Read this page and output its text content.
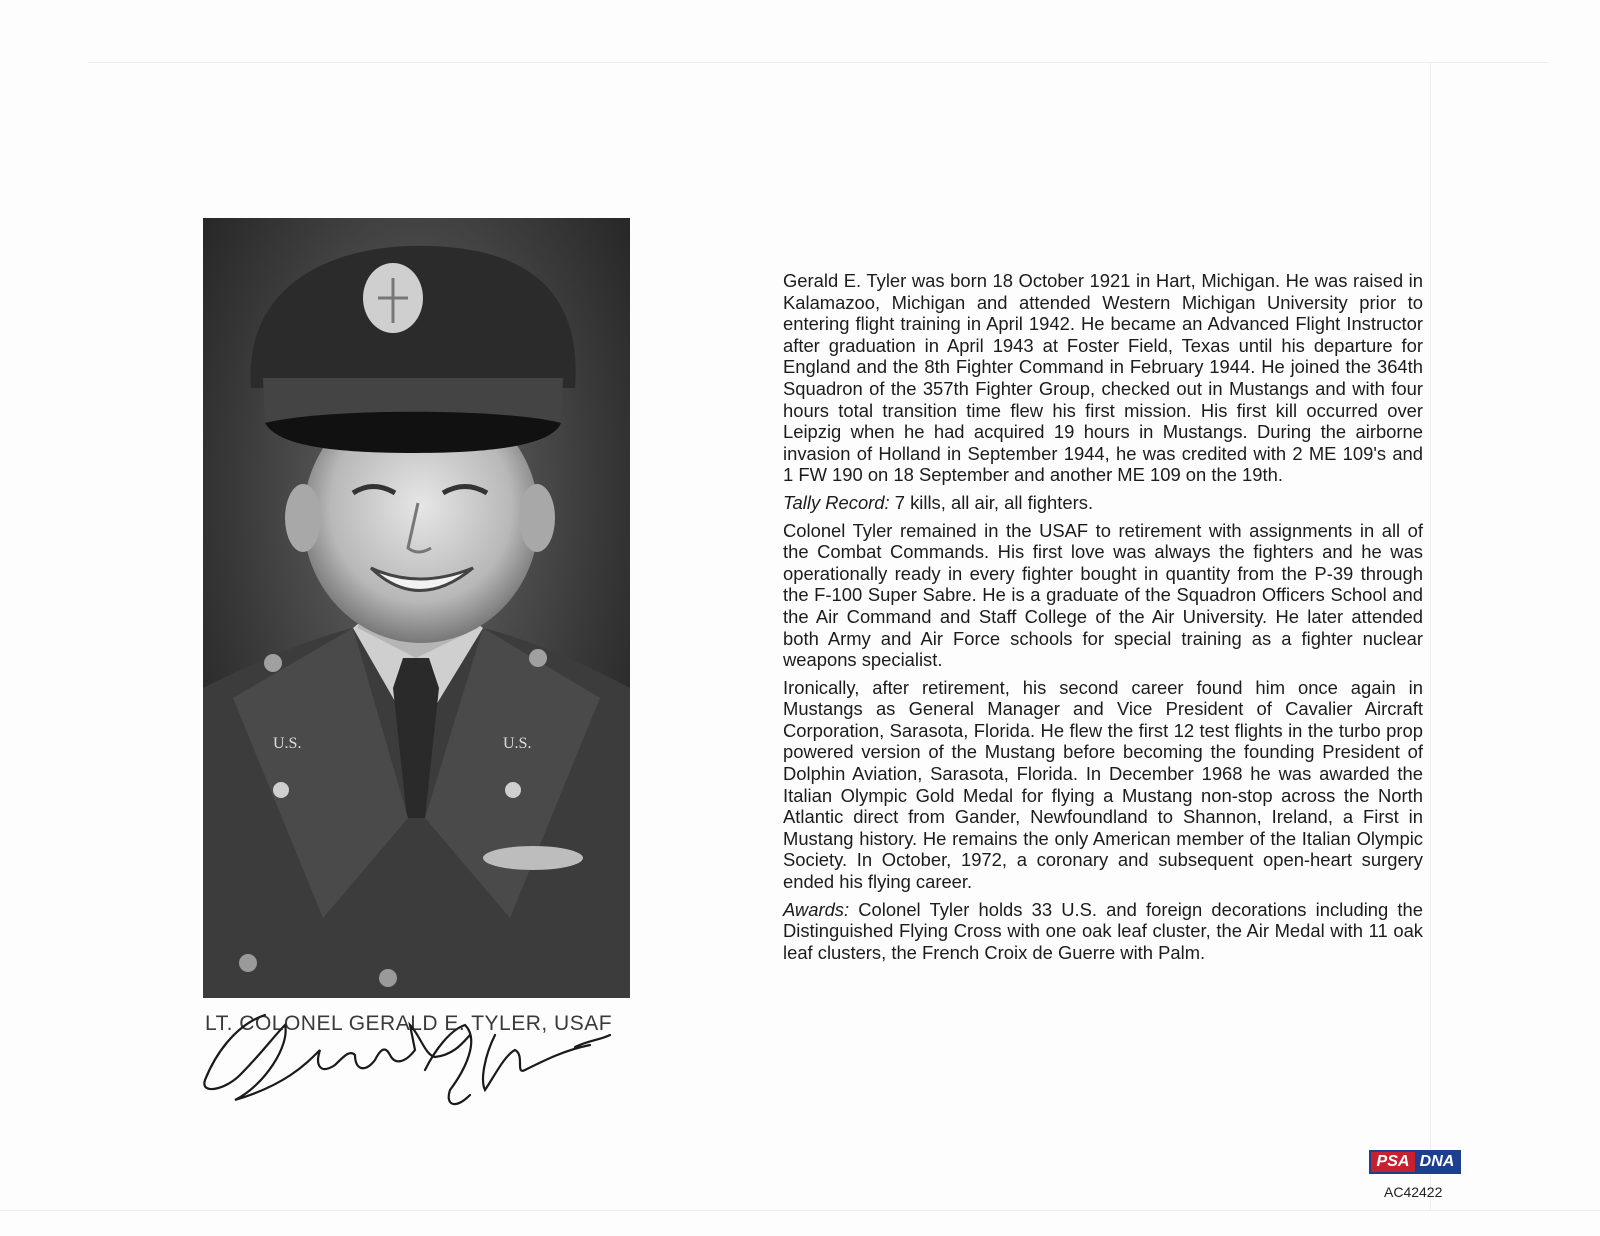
U.S.	U.S.
LT. COLONEL GERALD E. TYLER, USAF

Gerald E. Tyler was born 18 October 1921 in Hart, Michigan. He was raised in Kalamazoo, Michigan and attended Western Michigan University prior to entering flight training in April 1942. He became an Advanced Flight Instructor after graduation in April 1943 at Foster Field, Texas until his departure for England and the 8th Fighter Command in February 1944. He joined the 364th Squadron of the 357th Fighter Group, checked out in Mustangs and with four hours total transition time flew his first mission. His first kill occurred over Leipzig when he had acquired 19 hours in Mustangs. During the airborne invasion of Holland in September 1944, he was credited with 2 ME 109's and 1 FW 190 on 18 September and another ME 109 on the 19th.

Tally Record: 7 kills, all air, all fighters.

Colonel Tyler remained in the USAF to retirement with assignments in all of the Combat Commands. His first love was always the fighters and he was operationally ready in every fighter bought in quantity from the P-39 through the F-100 Super Sabre. He is a graduate of the Squadron Officers School and the Air Command and Staff College of the Air University. He later attended both Army and Air Force schools for special training as a fighter nuclear weapons specialist.

Ironically, after retirement, his second career found him once again in Mustangs as General Manager and Vice President of Cavalier Aircraft Corporation, Sarasota, Florida. He flew the first 12 test flights in the turbo prop powered version of the Mustang before becoming the founding President of Dolphin Aviation, Sarasota, Florida. In December 1968 he was awarded the Italian Olympic Gold Medal for flying a Mustang non-stop across the North Atlantic direct from Gander, Newfoundland to Shannon, Ireland, a First in Mustang history. He remains the only American member of the Italian Olympic Society. In October, 1972, a coronary and subsequent open-heart surgery ended his flying career.

Awards: Colonel Tyler holds 33 U.S. and foreign decorations including the Distinguished Flying Cross with one oak leaf cluster, the Air Medal with 11 oak leaf clusters, the French Croix de Guerre with Palm.

PSA DNA
AC42422
